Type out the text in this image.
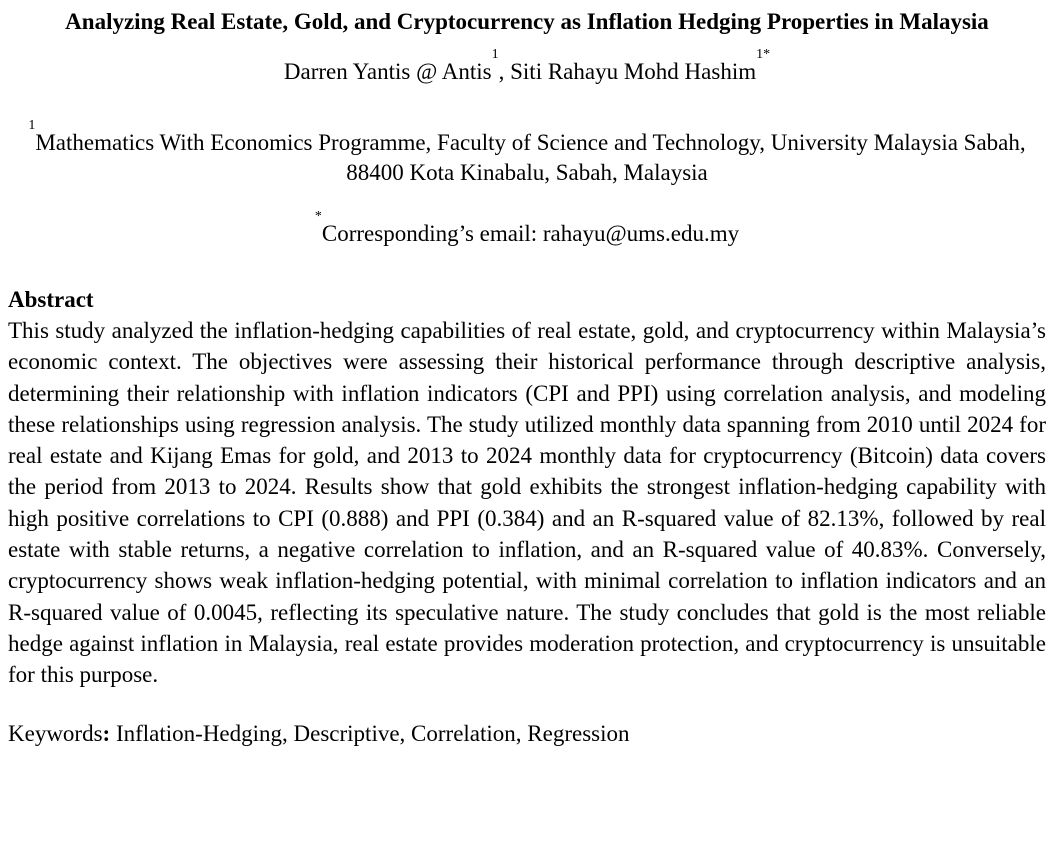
Analyzing Real Estate, Gold, and Cryptocurrency as Inflation Hedging Properties in Malaysia
Darren Yantis @ Antis$^1$, Siti Rahayu Mohd Hashim$^{1*}$
$^1$Mathematics With Economics Programme, Faculty of Science and Technology, University Malaysia Sabah, 88400 Kota Kinabalu, Sabah, Malaysia
*Corresponding’s email: rahayu@ums.edu.my
Abstract

This study analyzed the inflation-hedging capabilities of real estate, gold, and cryptocurrency within Malaysia’s economic context. The objectives were assessing their historical performance through descriptive analysis, determining their relationship with inflation indicators (CPI and PPI) using correlation analysis, and modeling these relationships using regression analysis. The study utilized monthly data spanning from 2010 until 2024 for real estate and Kijang Emas for gold, and 2013 to 2024 monthly data for cryptocurrency (Bitcoin) data covers the period from 2013 to 2024. Results show that gold exhibits the strongest inflation-hedging capability with high positive correlations to CPI (0.888) and PPI (0.384) and an R-squared value of 82.13%, followed by real estate with stable returns, a negative correlation to inflation, and an R-squared value of 40.83%. Conversely, cryptocurrency shows weak inflation-hedging potential, with minimal correlation to inflation indicators and an R-squared value of 0.0045, reflecting its speculative nature. The study concludes that gold is the most reliable hedge against inflation in Malaysia, real estate provides moderation protection, and cryptocurrency is unsuitable for this purpose.

Keywords: Inflation-Hedging, Descriptive, Correlation, Regression
